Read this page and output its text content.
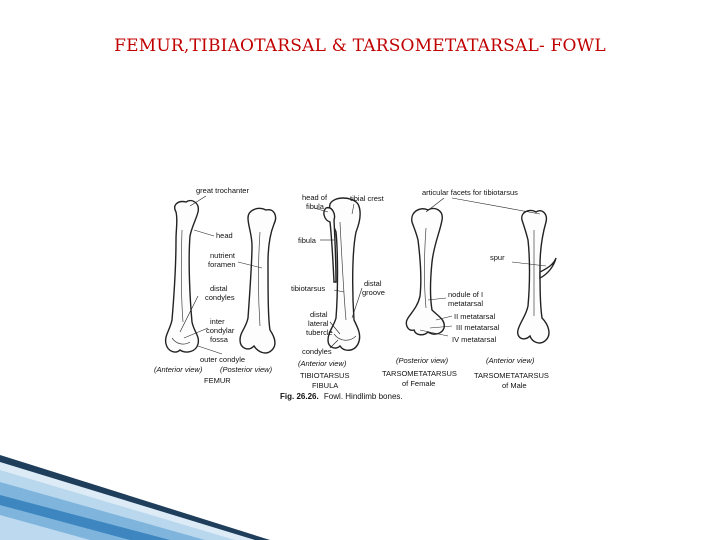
FEMUR,TIBIAOTARSAL & TARSOMETATARSAL- FOWL
great trochanter
head
nutrient
foramen
distal
condyles
inter
condylar
fossa
outer condyle
(Anterior view) (Posterior view)
FEMUR
head of
fibula
tibial crest
fibula
tibiotarsus
distal
groove
distal
lateral
tubercle
condyles
(Anterior view)
TIBIOTARSUS
FIBULA
articular facets for tibiotarsus
spur
nodule of I
metatarsal
II metatarsal
III metatarsal
IV metatarsal
(Posterior view)	(Anterior view)
TARSOMETATARSUS
of Female
TARSOMETATARSUS
of Male
Fig. 26.26. Fowl. Hindlimb bones.
